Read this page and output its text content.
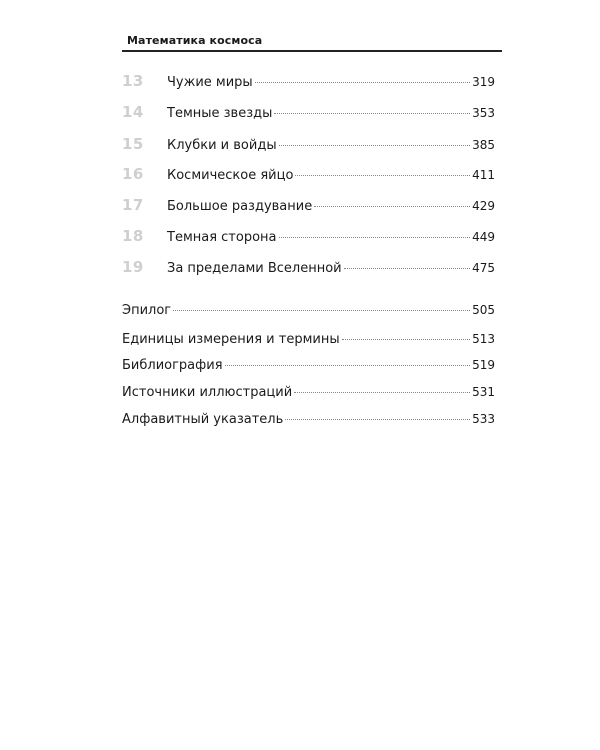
Математика космоса
13	Чужие миры	319
14	Темные звезды	353
15	Клубки и войды	385
16	Космическое яйцо	411
17	Большое раздувание	429
18	Темная сторона	449
19	За пределами Вселенной	475
Эпилог	505
Единицы измерения и термины	513
Библиография	519
Источники иллюстраций	531
Алфавитный указатель	533
